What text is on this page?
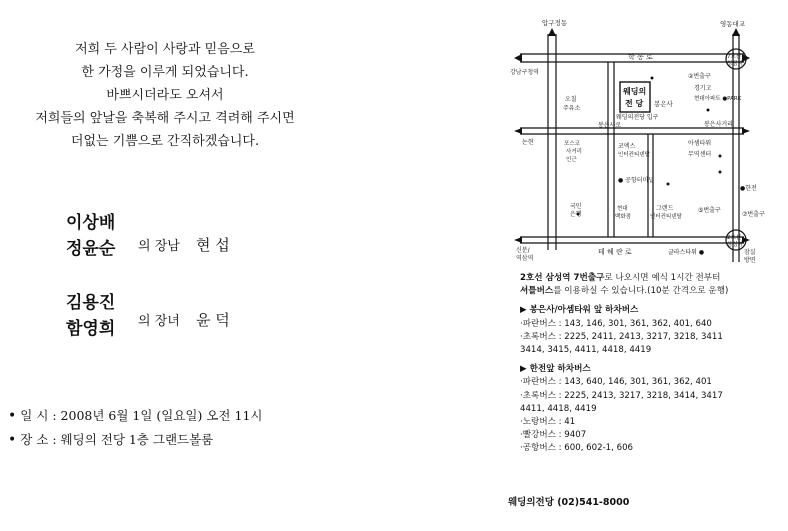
저희 두 사람이 사랑과 믿음으로
한 가정을 이루게 되었습니다.
바쁘시더라도 오셔서
저희들의 앞날을 축복해 주시고 격려해 주시면
더없는 기쁨으로 간직하겠습니다.
이상배
정윤순 의 장남 현 섭
김용진
함영희 의 장녀 윤 덕
• 일 시 : 2008년 6월 1일 (일요일) 오전 11시
• 장 소 : 웨딩의 전당 1층 그랜드볼룸
압구정동	영동대교
학 동 로
강남구청역
7호선
청담역
②번출구
경기고
현대아파트 ●PARK
오칠
주유소
웨딩의
전 당 봉은사
웨딩의전당 입구
봉은사로	봉은사거리
논현	포스코
사거리
인근
코엑스
인터컨티넨탈
아셈타워
무역센터
● 공항터미널
●한전
국민
은행
현대
백화점
그랜드
인터컨티넨탈
⑤번출구
⑦번출구
2호선
삼성역
테 헤 란 로	글라스타워 ●
신분/
역삼역
잠실
방면
2호선 삼성역 7번출구로 나오시면 예식 1시간 전부터
셔틀버스를 이용하실 수 있습니다.(10분 간격으로 운행)
▶ 봉은사/아셈타워 앞 하차버스
·파란버스 : 143, 146, 301, 361, 362, 401, 640
·초록버스 : 2225, 2411, 2413, 3217, 3218, 3411
3414, 3415, 4411, 4418, 4419
▶ 한전앞 하차버스
·파란버스 : 143, 640, 146, 301, 361, 362, 401
·초록버스 : 2225, 2413, 3217, 3218, 3414, 3417
4411, 4418, 4419
·노랑버스 : 41
·빨강버스 : 9407
·공항버스 : 600, 602-1, 606
웨딩의전당 (02)541-8000
